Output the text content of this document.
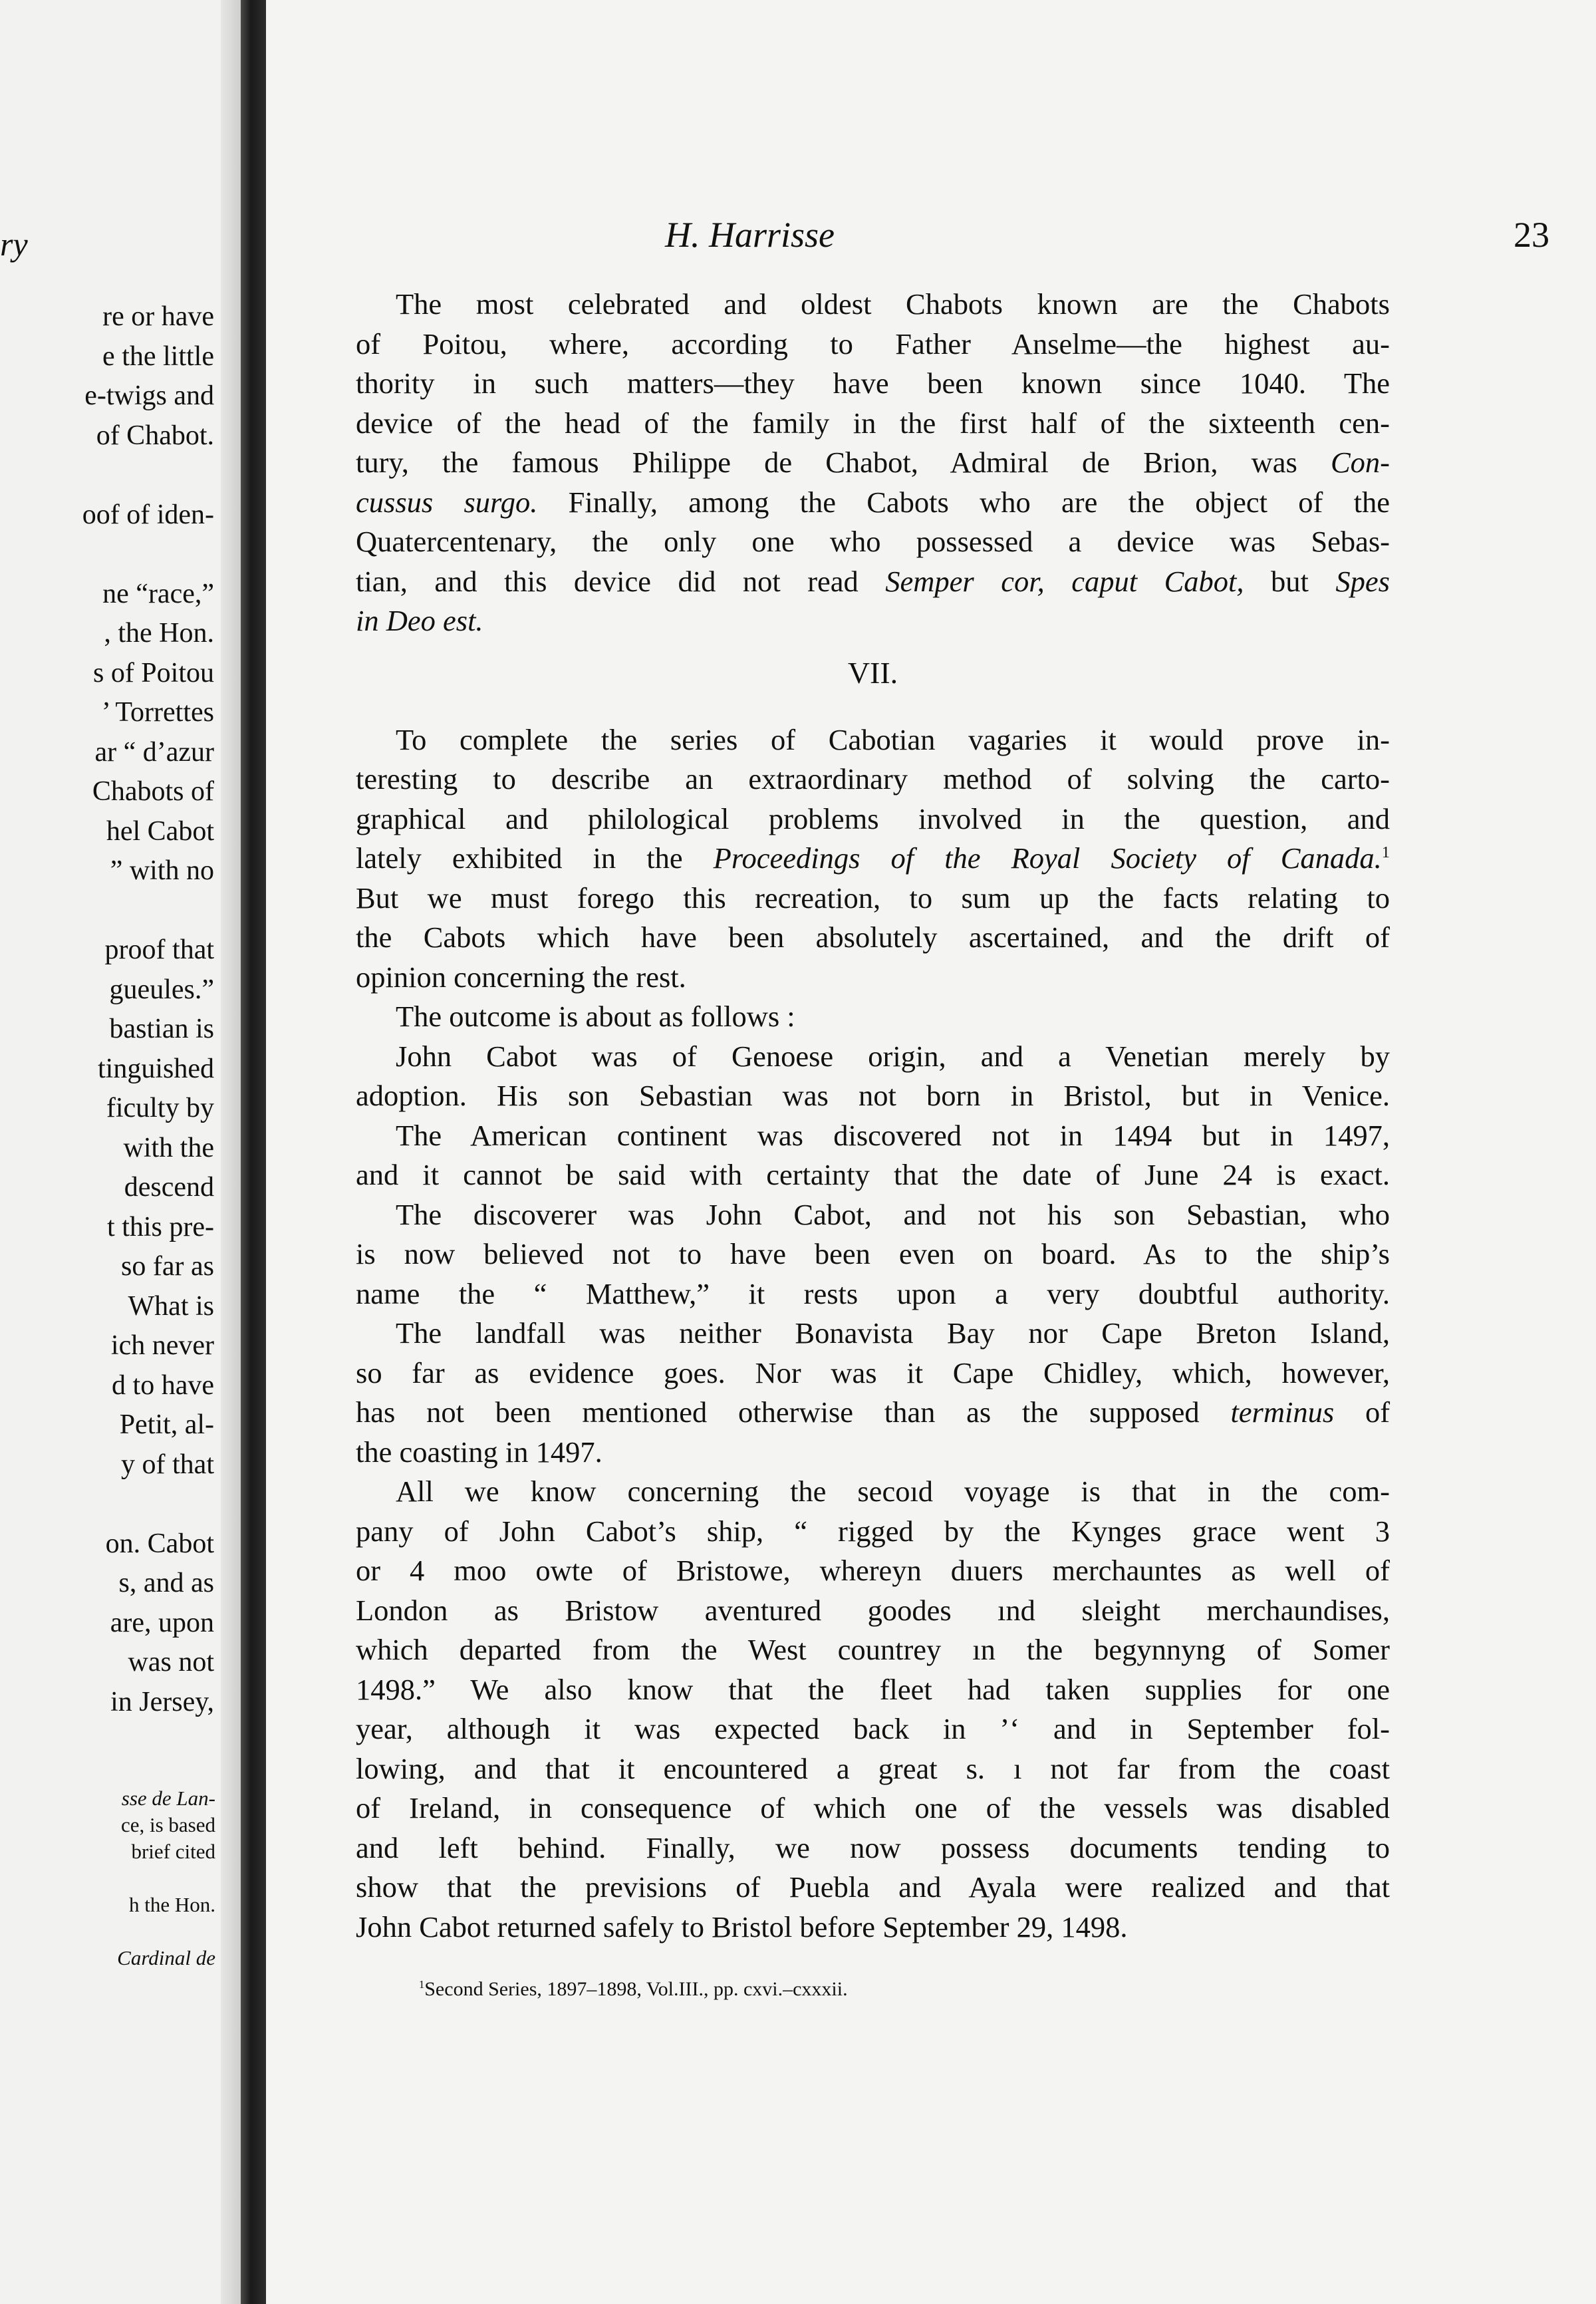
ry
re or have
e the little
e-twigs and
of Chabot.
oof of iden-
ne “race,”
, the Hon.
s of Poitou
’ Torrettes
ar “ d’azur
Chabots of
hel Cabot
” with no
proof that
gueules.”
bastian is
tinguished
ficulty by
with the
descend
t this pre-
so far as
What is
ich never
d to have
Petit, al-
y of that
on. Cabot
s, and as
are, upon
was not
in Jersey,
sse de Lan-
ce, is based
brief cited
h the Hon.
Cardinal de
H. Harrisse	23
The most celebrated and oldest Chabots known are the Chabots
of Poitou, where, according to Father Anselme—the highest au-
thority in such matters—they have been known since 1040. The
device of the head of the family in the first half of the sixteenth cen-
tury, the famous Philippe de Chabot, Admiral de Brion, was Con-
cussus surgo. Finally, among the Cabots who are the object of the
Quatercentenary, the only one who possessed a device was Sebas-
tian, and this device did not read Semper cor, caput Cabot, but Spes
in Deo est.
VII.
To complete the series of Cabotian vagaries it would prove in-
teresting to describe an extraordinary method of solving the carto-
graphical and philological problems involved in the question, and
lately exhibited in the Proceedings of the Royal Society of Canada.$^1$
But we must forego this recreation, to sum up the facts relating to
the Cabots which have been absolutely ascertained, and the drift of
opinion concerning the rest.
The outcome is about as follows :
John Cabot was of Genoese origin, and a Venetian merely by
adoption. His son Sebastian was not born in Bristol, but in Venice.
The American continent was discovered not in 1494 but in 1497,
and it cannot be said with certainty that the date of June 24 is exact.
The discoverer was John Cabot, and not his son Sebastian, who
is now believed not to have been even on board. As to the ship’s
name the “ Matthew,” it rests upon a very doubtful authority.
The landfall was neither Bonavista Bay nor Cape Breton Island,
so far as evidence goes. Nor was it Cape Chidley, which, however,
has not been mentioned otherwise than as the supposed terminus of
the coasting in 1497.
All we know concerning the secoıd voyage is that in the com-
pany of John Cabot’s ship, “ rigged by the Kynges grace went 3
or 4 moo owte of Bristowe, whereyn dıuers merchauntes as well of
London as Bristow aventured goodes ınd sleight merchaundises,
which departed from the West countrey ın the begynnyng of Somer
1498.” We also know that the fleet had taken supplies for one
year, although it was expected back in ’‘ and in September fol-
lowing, and that it encountered a great s. ı not far from the coast
of Ireland, in consequence of which one of the vessels was disabled
and left behind. Finally, we now possess documents tending to
show that the previsions of Puebla and Ayala were realized and that
John Cabot returned safely to Bristol before September 29, 1498.
$^1$Second Series, 1897–1898, Vol.III., pp. cxvi.–cxxxii.
